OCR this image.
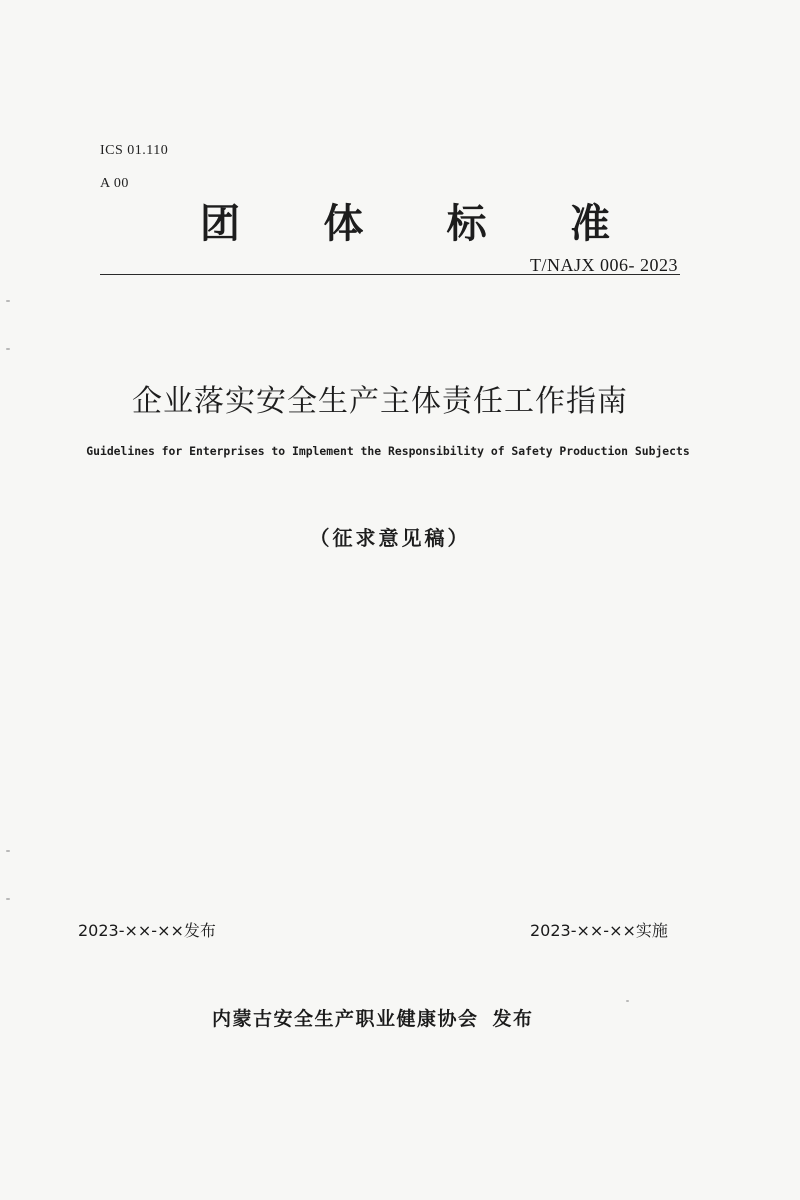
ICS 01.110
A 00
团 体 标 准
T/NAJX 006- 2023
企业落实安全生产主体责任工作指南
Guidelines for Enterprises to Implement the Responsibility of Safety Production Subjects
（征求意见稿）
2023-××-××发布	2023-××-××实施
内蒙古安全生产职业健康协会 发布
